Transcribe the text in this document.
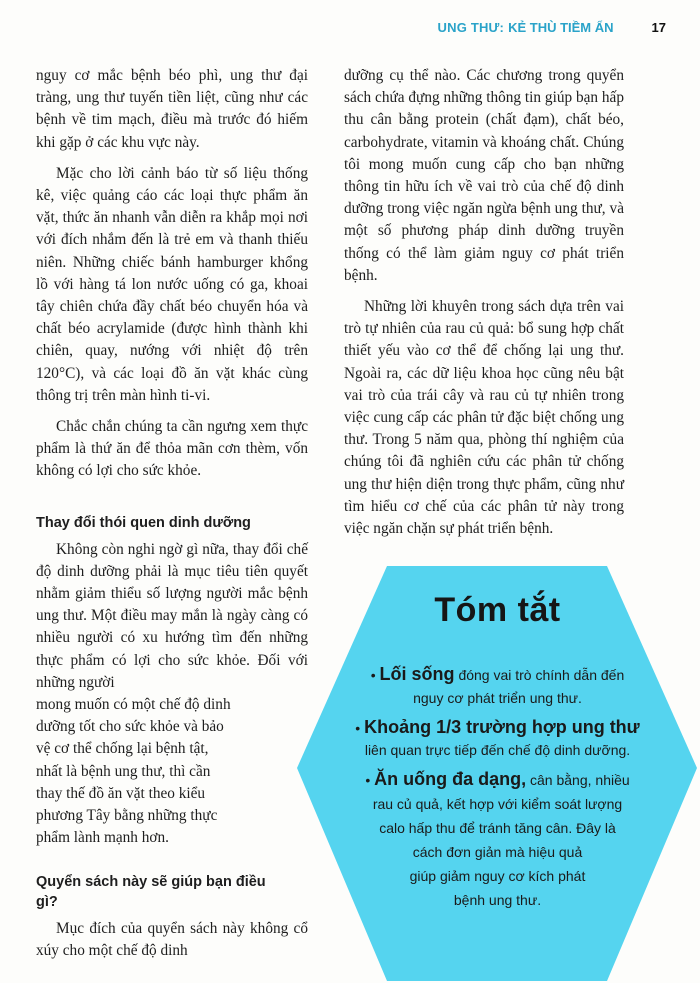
UNG THƯ: KẺ THÙ TIỀM ẨN	17

nguy cơ mắc bệnh béo phì, ung thư đại tràng, ung thư tuyến tiền liệt, cũng như các bệnh về tim mạch, điều mà trước đó hiếm khi gặp ở các khu vực này.

Mặc cho lời cảnh báo từ số liệu thống kê, việc quảng cáo các loại thực phẩm ăn vặt, thức ăn nhanh vẫn diễn ra khắp mọi nơi với đích nhắm đến là trẻ em và thanh thiếu niên. Những chiếc bánh hamburger khổng lồ với hàng tá lon nước uống có ga, khoai tây chiên chứa đầy chất béo chuyển hóa và chất béo acrylamide (được hình thành khi chiên, quay, nướng với nhiệt độ trên 120°C), và các loại đồ ăn vặt khác cùng thông trị trên màn hình ti-vi.

Chắc chắn chúng ta cần ngưng xem thực phẩm là thứ ăn để thỏa mãn cơn thèm, vốn không có lợi cho sức khỏe.

Thay đổi thói quen dinh dưỡng

Không còn nghi ngờ gì nữa, thay đổi chế độ dinh dưỡng phải là mục tiêu tiên quyết nhằm giảm thiểu số lượng người mắc bệnh ung thư. Một điều may mắn là ngày càng có nhiều người có xu hướng tìm đến những thực phẩm có lợi cho sức khỏe. Đối với những người

mong muốn có một chế độ dinh dưỡng tốt cho sức khỏe và bảo vệ cơ thể chống lại bệnh tật, nhất là bệnh ung thư, thì cần thay thế đồ ăn vặt theo kiểu phương Tây bằng những thực phẩm lành mạnh hơn.

Quyển sách này sẽ giúp bạn điều gì?

Mục đích của quyển sách này không cổ xúy cho một chế độ dinh

dưỡng cụ thể nào. Các chương trong quyển sách chứa đựng những thông tin giúp bạn hấp thu cân bằng protein (chất đạm), chất béo, carbohydrate, vitamin và khoáng chất. Chúng tôi mong muốn cung cấp cho bạn những thông tin hữu ích về vai trò của chế độ dinh dưỡng trong việc ngăn ngừa bệnh ung thư, và một số phương pháp dinh dưỡng truyền thống có thể làm giảm nguy cơ phát triển bệnh.

Những lời khuyên trong sách dựa trên vai trò tự nhiên của rau củ quả: bổ sung hợp chất thiết yếu vào cơ thể để chống lại ung thư. Ngoài ra, các dữ liệu khoa học cũng nêu bật vai trò của trái cây và rau củ tự nhiên trong việc cung cấp các phân tử đặc biệt chống ung thư. Trong 5 năm qua, phòng thí nghiệm của chúng tôi đã nghiên cứu các phân tử chống ung thư hiện diện trong thực phẩm, cũng như tìm hiểu cơ chế của các phân tử này trong việc ngăn chặn sự phát triển bệnh.

Tóm tắt
• Lối sống đóng vai trò chính dẫn đến
nguy cơ phát triển ung thư.
• Khoảng 1/3 trường hợp ung thư
liên quan trực tiếp đến chế độ dinh dưỡng.
• Ăn uống đa dạng, cân bằng, nhiều
rau củ quả, kết hợp với kiểm soát lượng
calo hấp thu để tránh tăng cân. Đây là
cách đơn giản mà hiệu quả
giúp giảm nguy cơ kích phát
bệnh ung thư.
